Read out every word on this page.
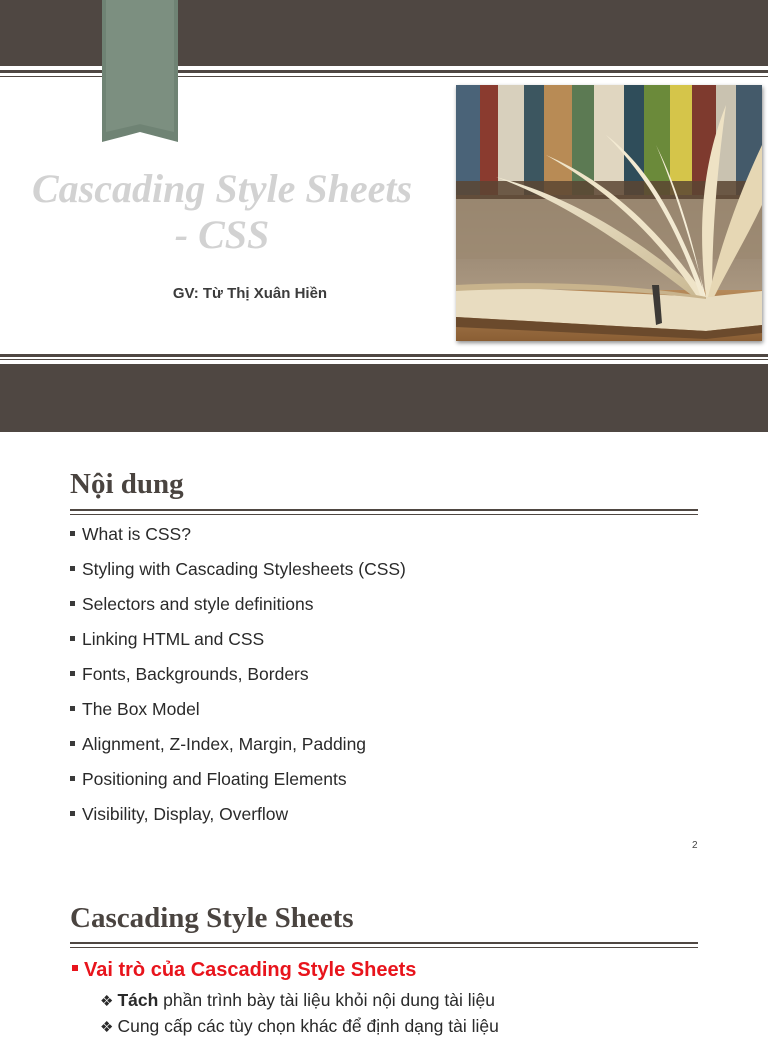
Cascading Style Sheets
- CSS
GV: Từ Thị Xuân Hiền
Nội dung
What is CSS?
Styling with Cascading Stylesheets (CSS)
Selectors and style definitions
Linking HTML and CSS
Fonts, Backgrounds, Borders
The Box Model
Alignment, Z-Index, Margin, Padding
Positioning and Floating Elements
Visibility, Display, Overflow
2
Cascading Style Sheets
Vai trò của Cascading Style Sheets
❖ Tách phần trình bày tài liệu khỏi nội dung tài liệu
❖ Cung cấp các tùy chọn khác để định dạng tài liệu
